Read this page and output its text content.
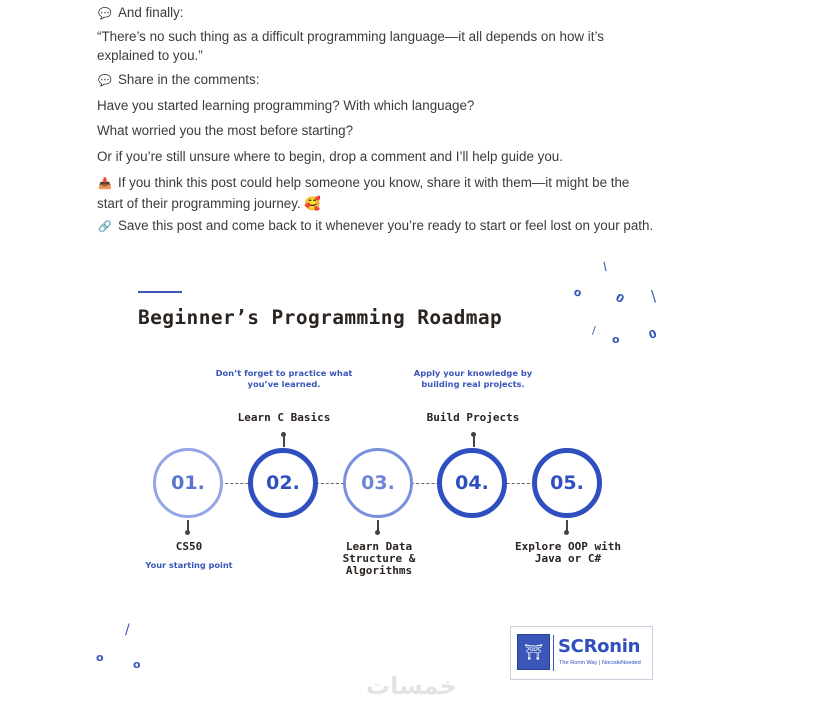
💬 And finally:
“There’s no such thing as a difficult programming language—it all depends on how it’s explained to you.”
💬 Share in the comments:
Have you started learning programming? With which language?
What worried you the most before starting?
Or if you’re still unsure where to begin, drop a comment and I’ll help guide you.
📥 If you think this post could help someone you know, share it with them—it might be the start of their programming journey. 🥰
🔗 Save this post and come back to it whenever you’re ready to start or feel lost on your path.
Beginner’s Programming Roadmap
/
o	0 \
/
o 0
/
o
o
Don’t forget to practice what you’ve learned.
Apply your knowledge by building real projects.
Learn C Basics	Build Projects
01.	02.	03.	04.	05.
CS50
Your starting point
Learn Data Structure & Algorithms
Explore OOP with Java or C#
⛩ SCRonin
The Ronin Way | NocodeNeeded
خمسات
